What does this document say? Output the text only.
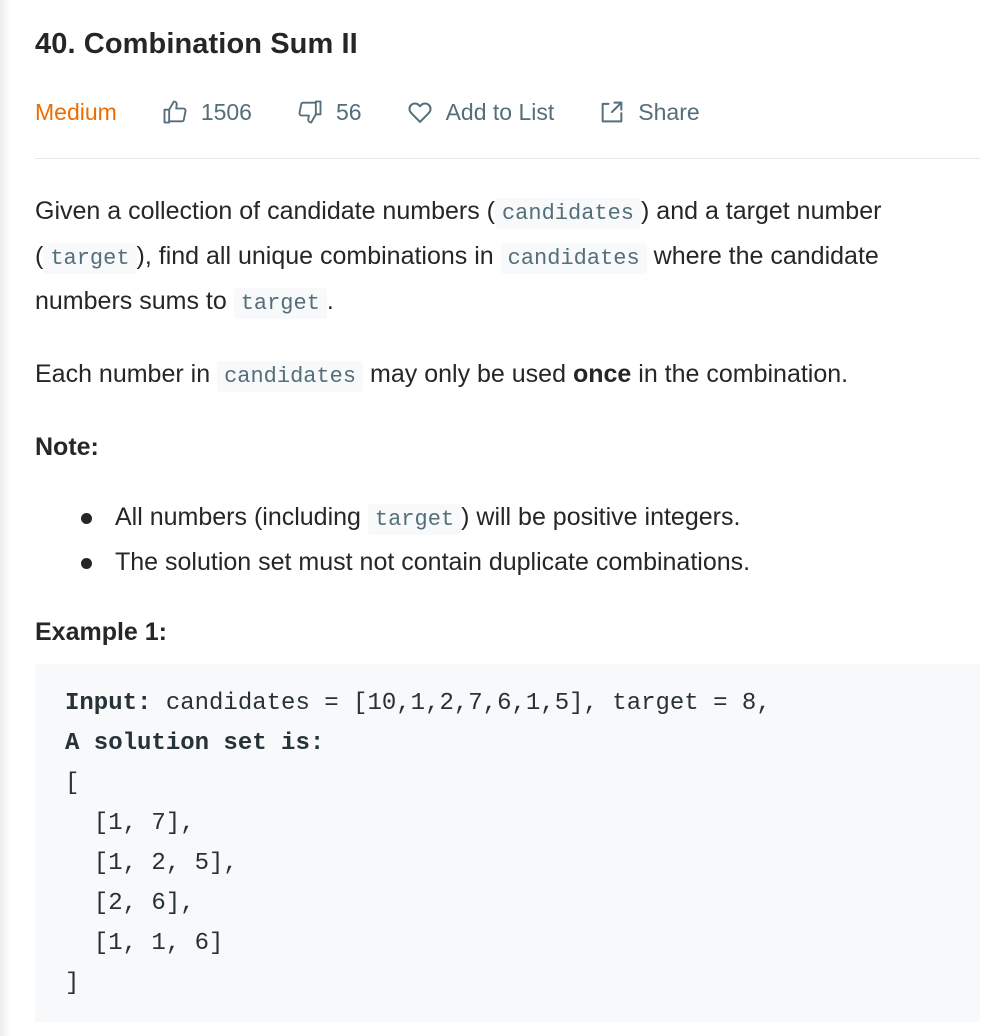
40. Combination Sum II
Medium	1506	56	Add to List	Share

Given a collection of candidate numbers ( candidates ) and a target number ( target ), find all unique combinations in candidates where the candidate numbers sums to target .

Each number in candidates may only be used once in the combination.

Note:

All numbers (including target ) will be positive integers.
The solution set must not contain duplicate combinations.

Example 1:

Input: candidates = [10,1,2,7,6,1,5], target = 8,
A solution set is:
[
[1, 7],
[1, 2, 5],
[2, 6],
[1, 1, 6]
]
